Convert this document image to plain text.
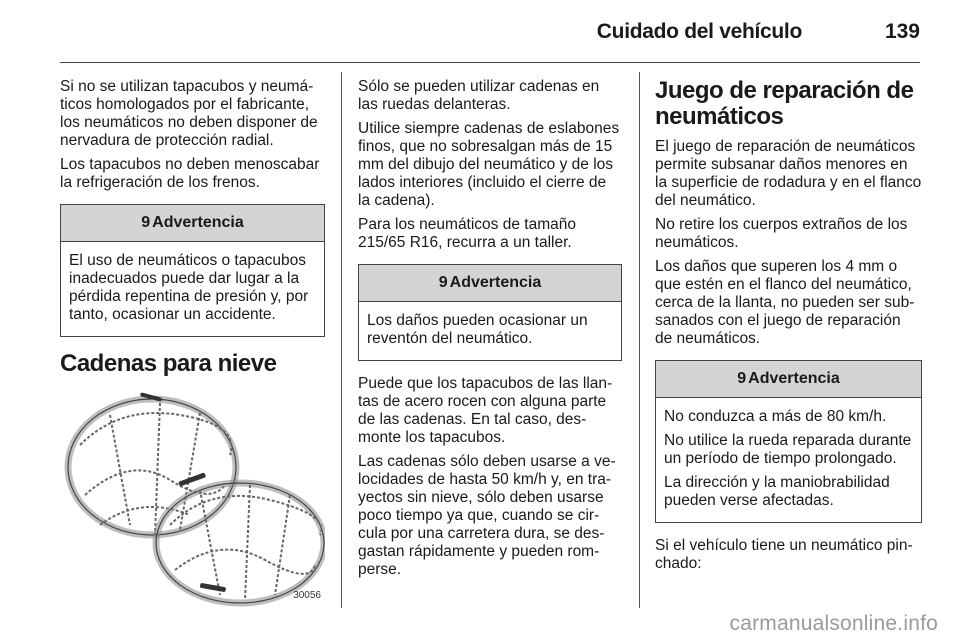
Cuidado del vehículo	139

Si no se utilizan tapacubos y neumáticos homologados por el fabricante, los neumáticos no deben disponer de nervadura de protección radial.

Los tapacubos no deben menoscabar la refrigeración de los frenos.

9 Advertencia

El uso de neumáticos o tapacubos inadecuados puede dar lugar a la pérdida repentina de presión y, por tanto, ocasionar un accidente.

Cadenas para nieve
30056

Sólo se pueden utilizar cadenas en las ruedas delanteras.

Utilice siempre cadenas de eslabones finos, que no sobresalgan más de 15 mm del dibujo del neumático y de los lados interiores (incluido el cierre de la cadena).

Para los neumáticos de tamaño 215/65 R16, recurra a un taller.

9 Advertencia

Los daños pueden ocasionar un reventón del neumático.

Puede que los tapacubos de las llantas de acero rocen con alguna parte de las cadenas. En tal caso, desmonte los tapacubos.

Las cadenas sólo deben usarse a velocidades de hasta 50 km/h y, en trayectos sin nieve, sólo deben usarse poco tiempo ya que, cuando se circula por una carretera dura, se desgastan rápidamente y pueden romperse.

Juego de reparación de neumáticos

El juego de reparación de neumáticos permite subsanar daños menores en la superficie de rodadura y en el flanco del neumático.

No retire los cuerpos extraños de los neumáticos.

Los daños que superen los 4 mm o que estén en el flanco del neumático, cerca de la llanta, no pueden ser subsanados con el juego de reparación de neumáticos.

9 Advertencia

No conduzca a más de 80 km/h.

No utilice la rueda reparada durante un período de tiempo prolongado.

La dirección y la maniobrabilidad pueden verse afectadas.

Si el vehículo tiene un neumático pinchado:

carmanualsonline.info
